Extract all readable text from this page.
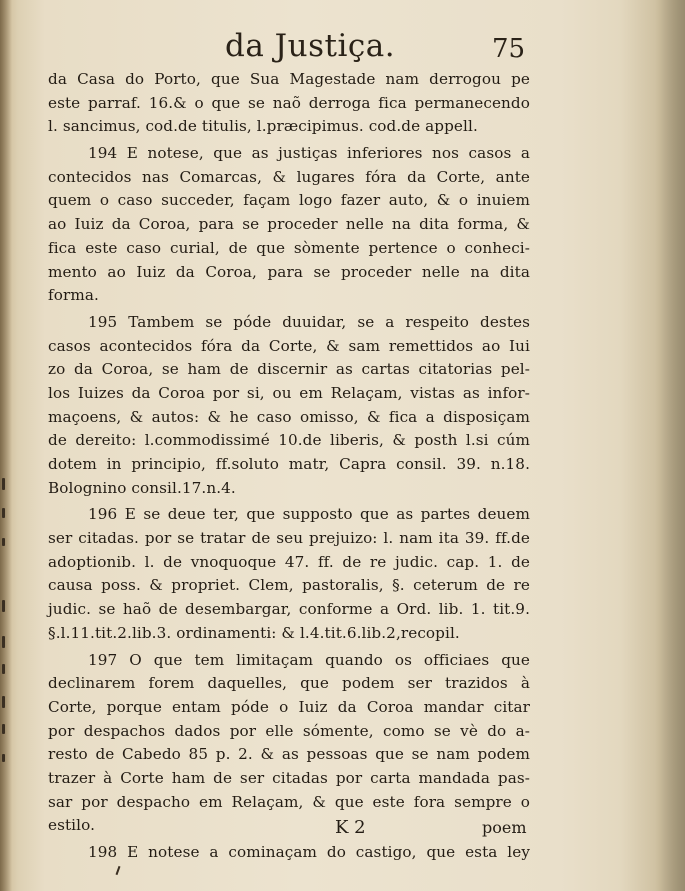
da Justiça.	75
da Casa do Porto, que Sua Magestade nam derrogou pe
este parraf. 16.& o que se naõ derroga fica permanecendo
l. sancimus, cod.de titulis, l.præcipimus. cod.de appell.
194 E notese, que as justiças inferiores nos casos a
contecidos nas Comarcas, & lugares fóra da Corte, ante
quem o caso succeder, façam logo fazer auto, & o inuiem
ao Iuiz da Coroa, para se proceder nelle na dita forma, &
fica este caso curial, de que sòmente pertence o conheci-
mento ao Iuiz da Coroa, para se proceder nelle na dita
forma.
195 Tambem se póde duuidar, se a respeito destes
casos acontecidos fóra da Corte, & sam remettidos ao Iui
zo da Coroa, se ham de discernir as cartas citatorias pel-
los Iuizes da Coroa por si, ou em Relaçam, vistas as infor-
maçoens, & autos: & he caso omisso, & fica a disposiçam
de dereito: l.commodissimé 10.de liberis, & posth l.si cúm
dotem in principio, ff.soluto matr, Capra consil. 39. n.18.
Bolognino consil.17.n.4.
196 E se deue ter, que supposto que as partes deuem
ser citadas. por se tratar de seu prejuizo: l. nam ita 39. ff.de
adoptionib. l. de vnoquoque 47. ff. de re judic. cap. 1. de
causa poss. & propriet. Clem, pastoralis, §. ceterum de re
judic. se haõ de desembargar, conforme a Ord. lib. 1. tit.9.
§.l.11.tit.2.lib.3. ordinamenti: & l.4.tit.6.lib.2,recopil.
197 O que tem limitaçam quando os officiaes que
declinarem forem daquelles, que podem ser trazidos à
Corte, porque entam póde o Iuiz da Coroa mandar citar
por despachos dados por elle sómente, como se vè do a-
resto de Cabedo 85 p. 2. & as pessoas que se nam podem
trazer à Corte ham de ser citadas por carta mandada pas-
sar por despacho em Relaçam, & que este fora sempre o
estilo.
198 E notese a cominaçam do castigo, que esta ley
K 2	poem
